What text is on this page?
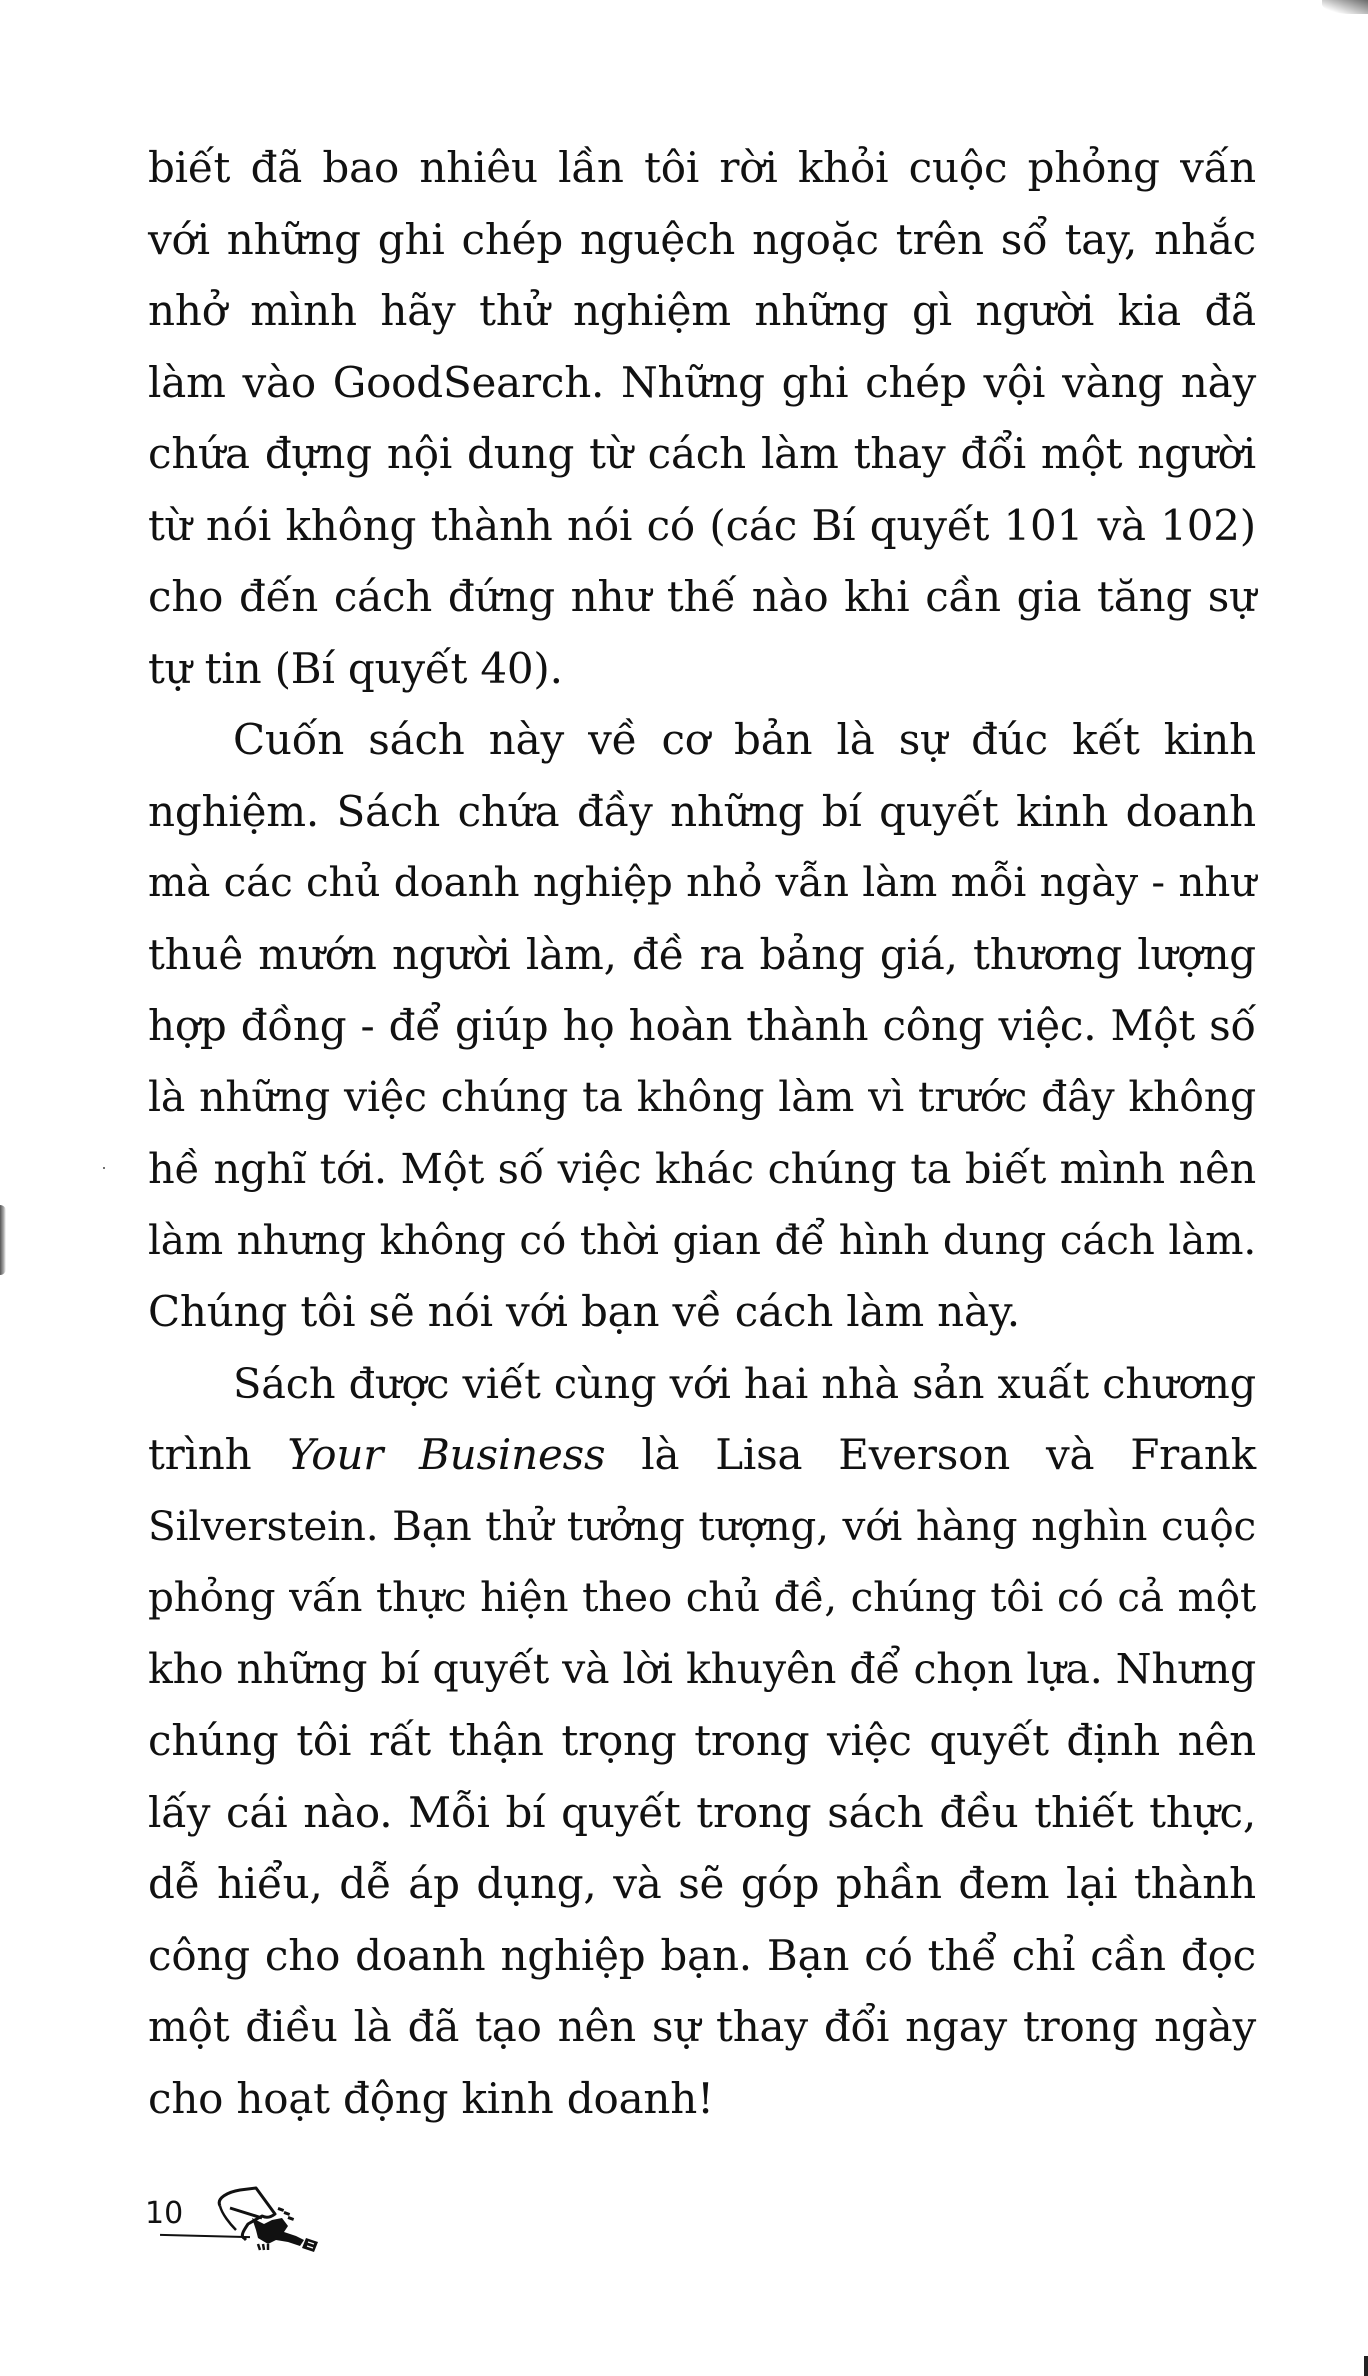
biết đã bao nhiêu lần tôi rời khỏi cuộc phỏng vấn
với những ghi chép nguệch ngoặc trên sổ tay, nhắc
nhở mình hãy thử nghiệm những gì người kia đã
làm vào GoodSearch. Những ghi chép vội vàng này
chứa đựng nội dung từ cách làm thay đổi một người
từ nói không thành nói có (các Bí quyết 101 và 102)
cho đến cách đứng như thế nào khi cần gia tăng sự
tự tin (Bí quyết 40).
Cuốn sách này về cơ bản là sự đúc kết kinh
nghiệm. Sách chứa đầy những bí quyết kinh doanh
mà các chủ doanh nghiệp nhỏ vẫn làm mỗi ngày - như
thuê mướn người làm, đề ra bảng giá, thương lượng
hợp đồng - để giúp họ hoàn thành công việc. Một số
là những việc chúng ta không làm vì trước đây không
hề nghĩ tới. Một số việc khác chúng ta biết mình nên
làm nhưng không có thời gian để hình dung cách làm.
Chúng tôi sẽ nói với bạn về cách làm này.
Sách được viết cùng với hai nhà sản xuất chương
trình Your Business là Lisa Everson và Frank
Silverstein. Bạn thử tưởng tượng, với hàng nghìn cuộc
phỏng vấn thực hiện theo chủ đề, chúng tôi có cả một
kho những bí quyết và lời khuyên để chọn lựa. Nhưng
chúng tôi rất thận trọng trong việc quyết định nên
lấy cái nào. Mỗi bí quyết trong sách đều thiết thực,
dễ hiểu, dễ áp dụng, và sẽ góp phần đem lại thành
công cho doanh nghiệp bạn. Bạn có thể chỉ cần đọc
một điều là đã tạo nên sự thay đổi ngay trong ngày
cho hoạt động kinh doanh!
10
